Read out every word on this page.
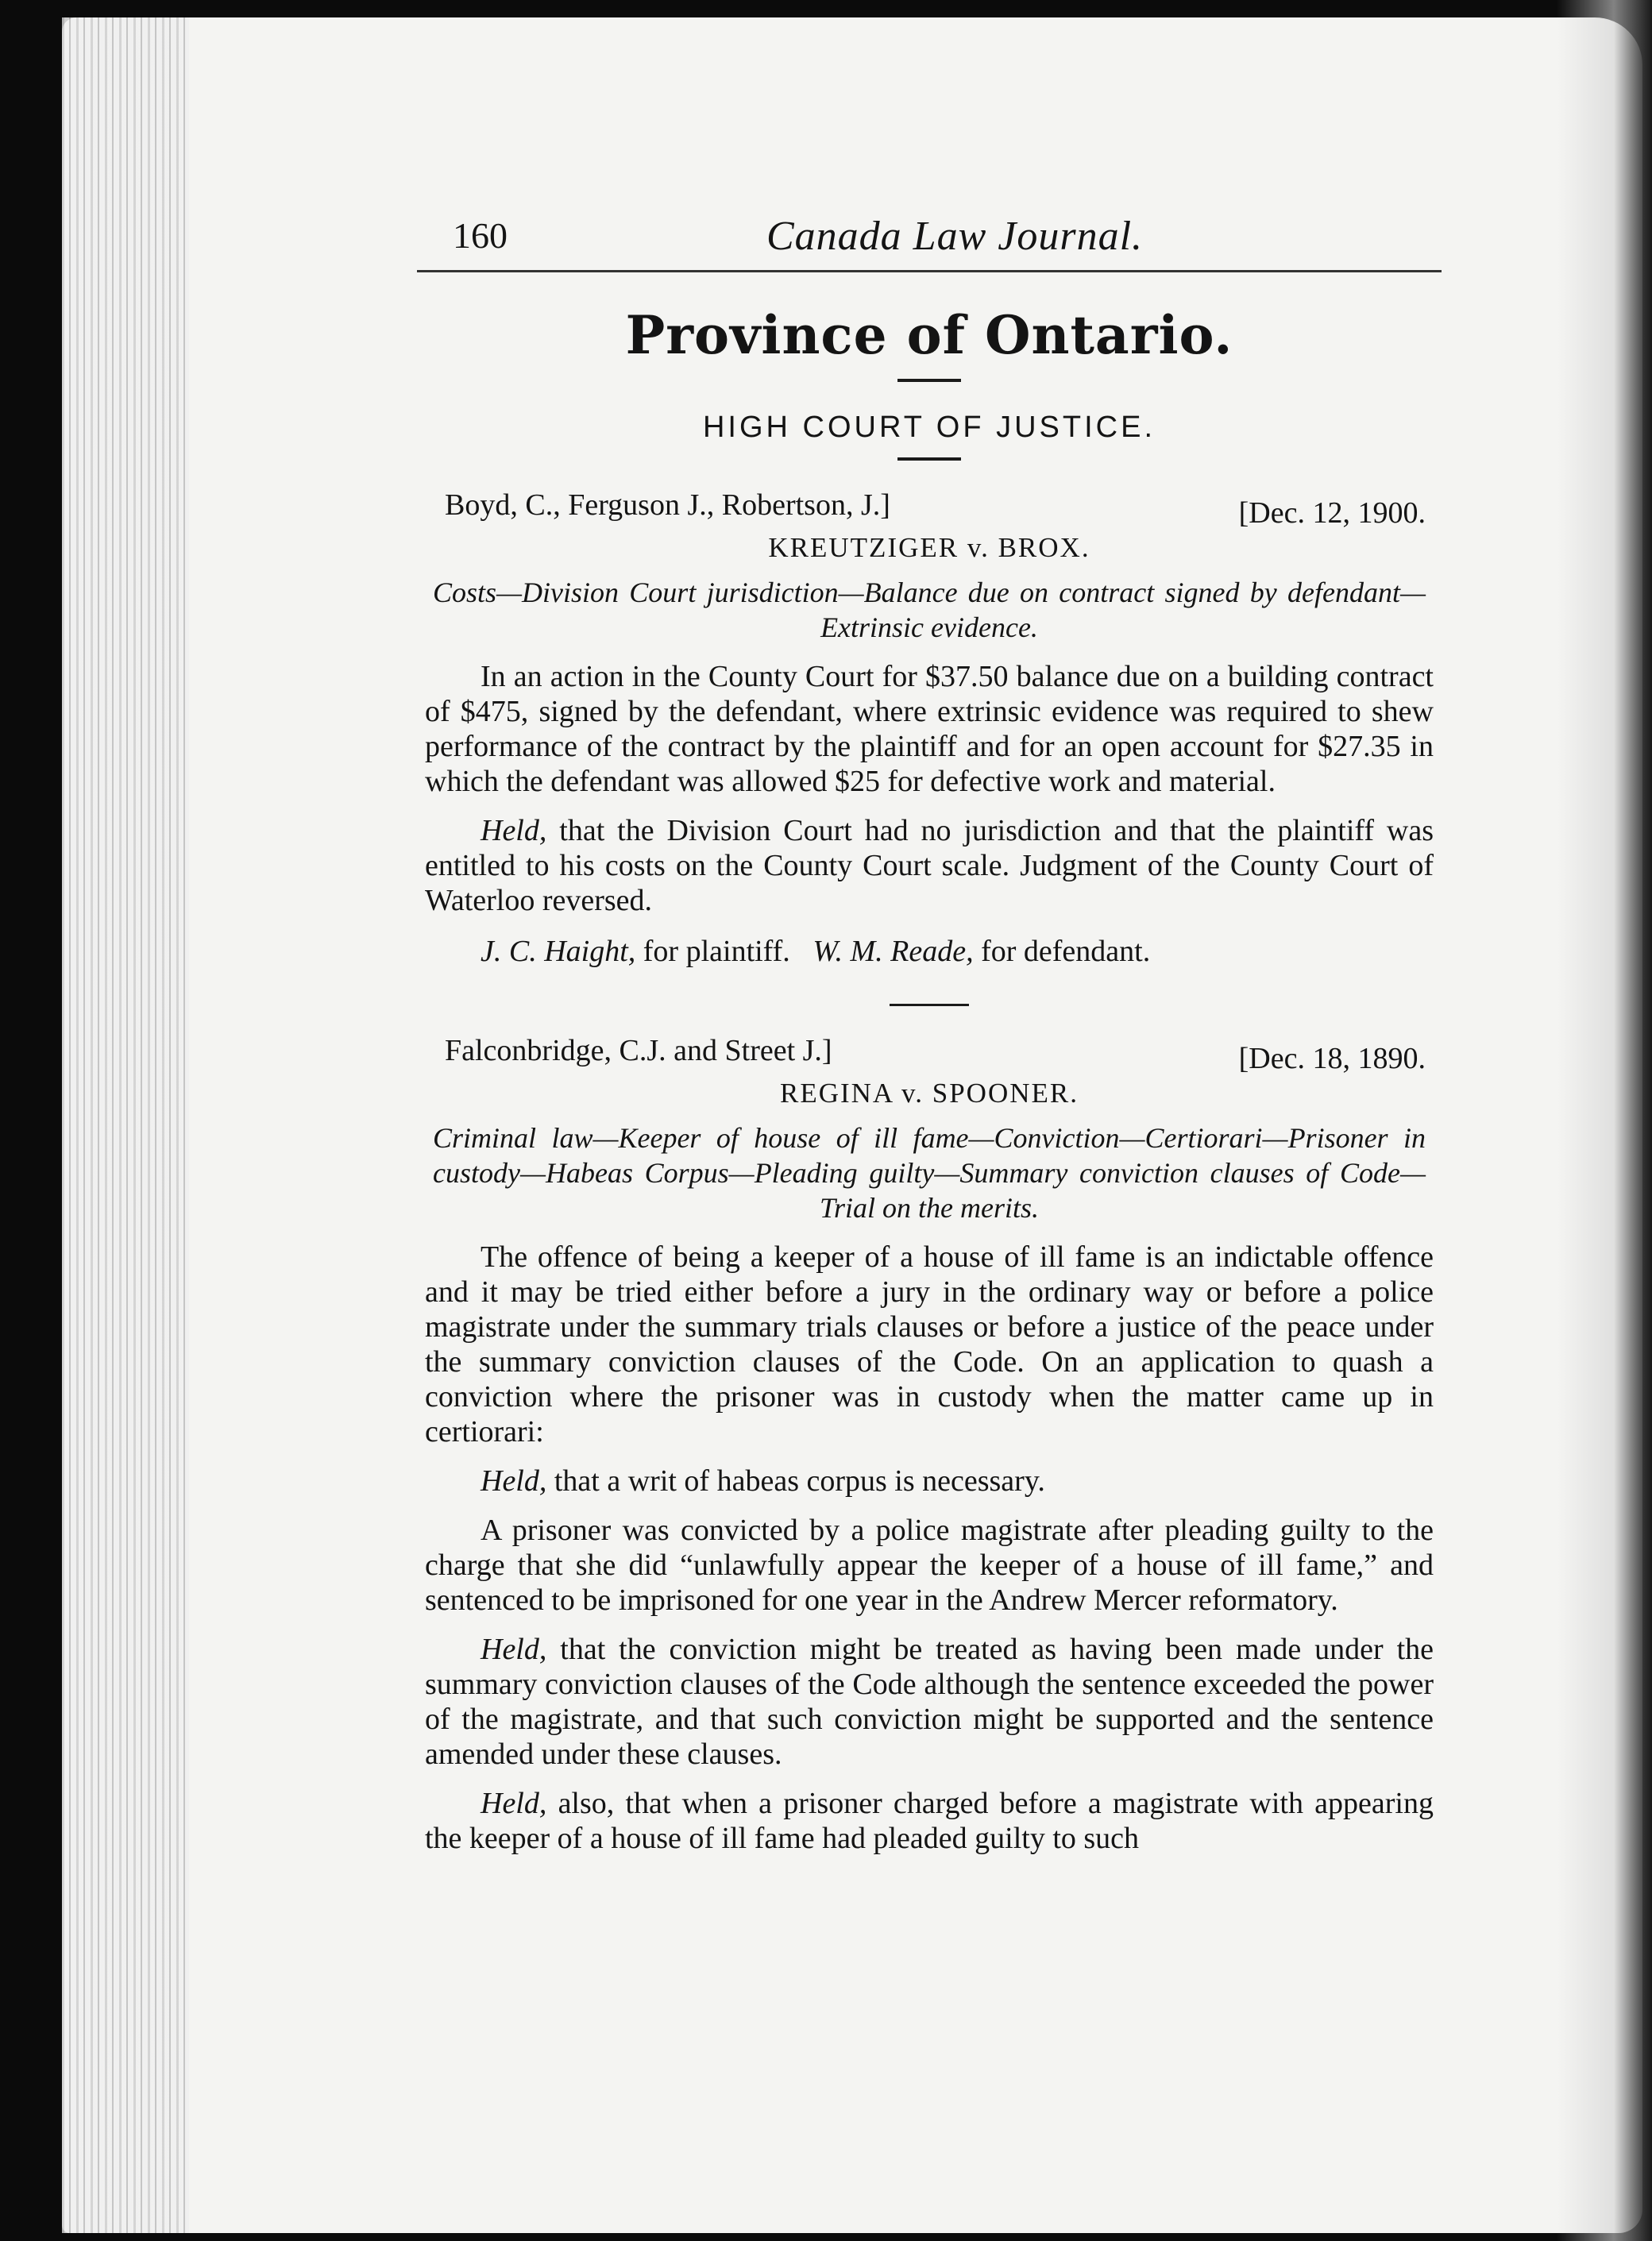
160	Canada Law Journal.
Province of Ontario.
HIGH COURT OF JUSTICE.
Boyd, C., Ferguson J., Robertson, J.]	[Dec. 12, 1900.
KREUTZIGER v. BROX.
Costs—Division Court jurisdiction—Balance due on contract signed by defendant—Extrinsic evidence.

In an action in the County Court for $37.50 balance due on a building contract of $475, signed by the defendant, where extrinsic evidence was required to shew performance of the contract by the plaintiff and for an open account for $27.35 in which the defendant was allowed $25 for defective work and material.

Held, that the Division Court had no jurisdiction and that the plaintiff was entitled to his costs on the County Court scale. Judgment of the County Court of Waterloo reversed.

J. C. Haight, for plaintiff. W. M. Reade, for defendant.
Falconbridge, C.J. and Street J.]	[Dec. 18, 1890.
REGINA v. SPOONER.
Criminal law—Keeper of house of ill fame—Conviction—Certiorari—Prisoner in custody—Habeas Corpus—Pleading guilty—Summary conviction clauses of Code—Trial on the merits.

The offence of being a keeper of a house of ill fame is an indictable offence and it may be tried either before a jury in the ordinary way or before a police magistrate under the summary trials clauses or before a justice of the peace under the summary conviction clauses of the Code. On an application to quash a conviction where the prisoner was in custody when the matter came up in certiorari:

Held, that a writ of habeas corpus is necessary.

A prisoner was convicted by a police magistrate after pleading guilty to the charge that she did “unlawfully appear the keeper of a house of ill fame,” and sentenced to be imprisoned for one year in the Andrew Mercer reformatory.

Held, that the conviction might be treated as having been made under the summary conviction clauses of the Code although the sentence exceeded the power of the magistrate, and that such conviction might be supported and the sentence amended under these clauses.

Held, also, that when a prisoner charged before a magistrate with appearing the keeper of a house of ill fame had pleaded guilty to such
